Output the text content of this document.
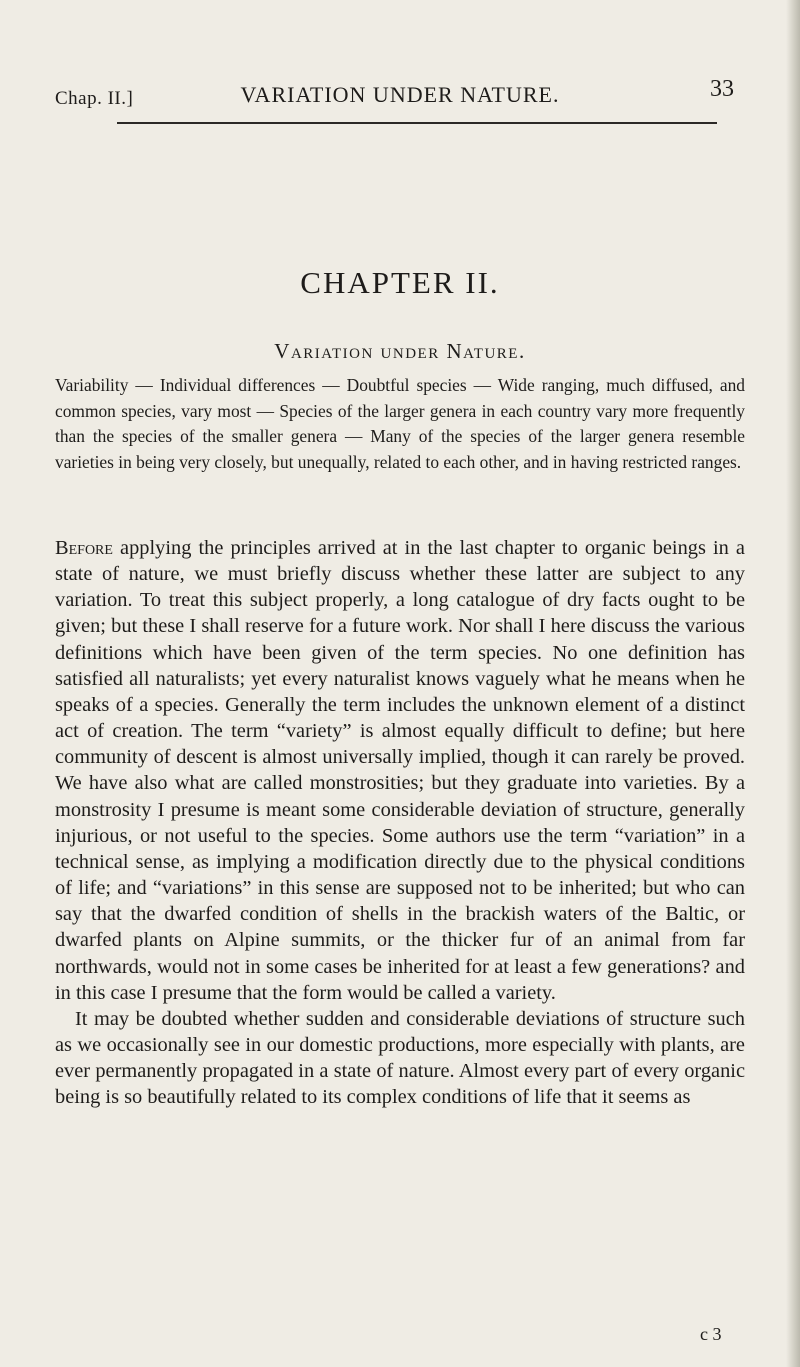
Chap. II.]	VARIATION UNDER NATURE.	33
CHAPTER II.
Variation under Nature.
Variability — Individual differences — Doubtful species — Wide ranging, much diffused, and common species, vary most — Species of the larger genera in each country vary more frequently than the species of the smaller genera — Many of the species of the larger genera resemble varieties in being very closely, but unequally, related to each other, and in having restricted ranges.

Before applying the principles arrived at in the last chapter to organic beings in a state of nature, we must briefly discuss whether these latter are subject to any variation. To treat this subject properly, a long catalogue of dry facts ought to be given; but these I shall reserve for a future work. Nor shall I here discuss the various definitions which have been given of the term species. No one definition has satisfied all naturalists; yet every naturalist knows vaguely what he means when he speaks of a species. Generally the term includes the unknown element of a distinct act of creation. The term “variety” is almost equally difficult to define; but here community of descent is almost universally implied, though it can rarely be proved. We have also what are called monstrosities; but they graduate into varieties. By a monstrosity I presume is meant some considerable deviation of structure, generally injurious, or not useful to the species. Some authors use the term “variation” in a technical sense, as implying a modification directly due to the physical conditions of life; and “variations” in this sense are supposed not to be inherited; but who can say that the dwarfed condition of shells in the brackish waters of the Baltic, or dwarfed plants on Alpine summits, or the thicker fur of an animal from far northwards, would not in some cases be inherited for at least a few generations? and in this case I presume that the form would be called a variety.

It may be doubted whether sudden and considerable deviations of structure such as we occasionally see in our domestic productions, more especially with plants, are ever permanently propagated in a state of nature. Almost every part of every organic being is so beautifully related to its complex conditions of life that it seems as

c 3
